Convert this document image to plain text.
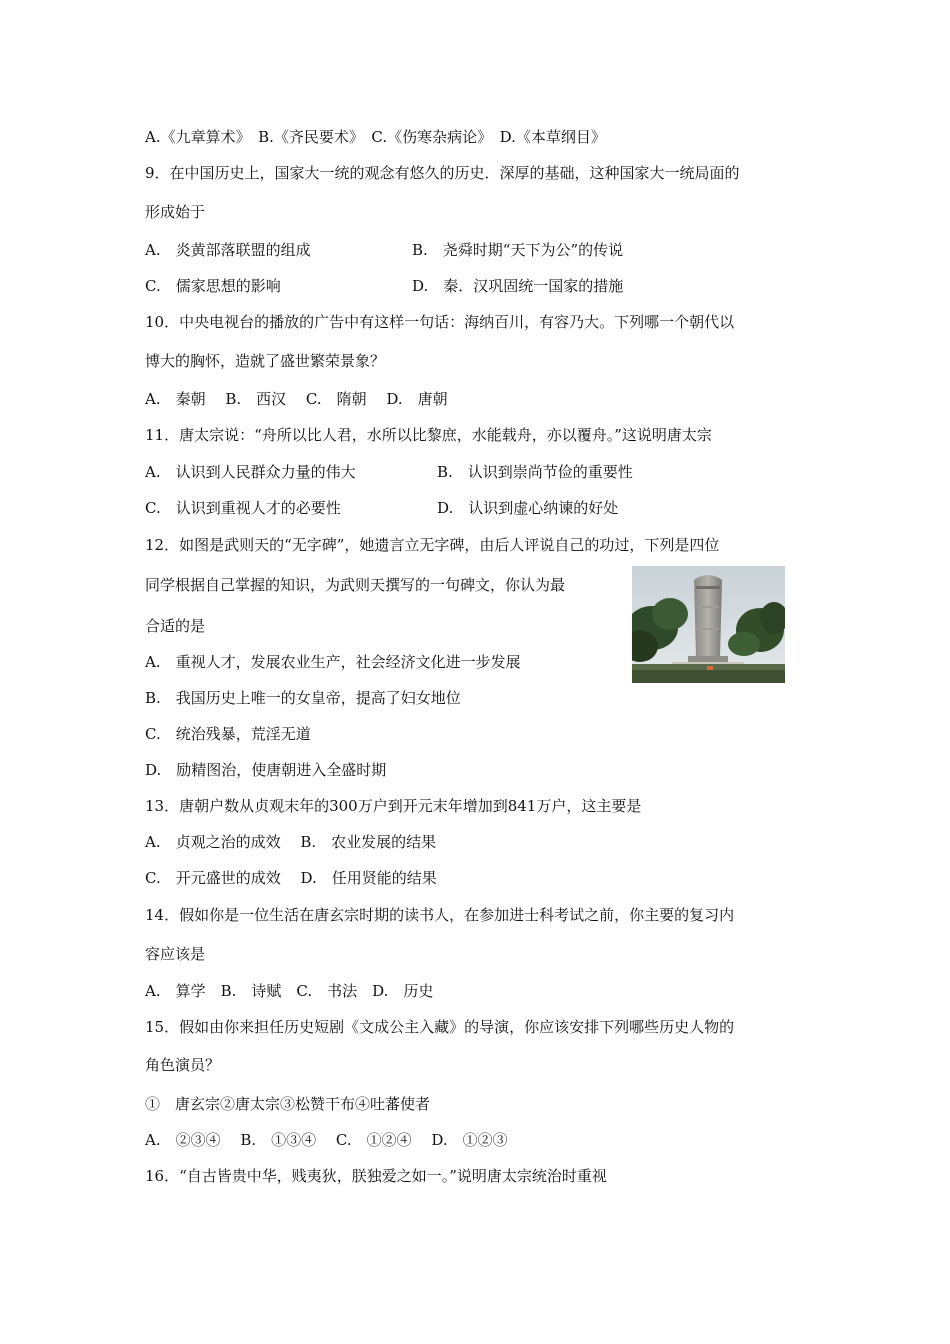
A.《九章算术》　B.《齐民要术》　C.《伤寒杂病论》　D.《本草纲目》
9．在中国历史上，国家大一统的观念有悠久的历史．深厚的基础，这种国家大一统局面的
形成始于
A.　炎黄部落联盟的组成	B.　尧舜时期“天下为公”的传说
C.　儒家思想的影响	D.　秦．汉巩固统一国家的措施
10．中央电视台的播放的广告中有这样一句话：海纳百川，有容乃大。下列哪一个朝代以
博大的胸怀，造就了盛世繁荣景象？
A.　秦朝　 B.　西汉　 C.　隋朝　 D.　唐朝
11．唐太宗说：“舟所以比人君，水所以比黎庶，水能载舟，亦以覆舟。”这说明唐太宗
A.　认识到人民群众力量的伟大	B.　认识到崇尚节俭的重要性
C.　认识到重视人才的必要性	D.　认识到虚心纳谏的好处
12．如图是武则天的“无字碑”，她遗言立无字碑，由后人评说自己的功过，下列是四位
同学根据自己掌握的知识，为武则天撰写的一句碑文，你认为最
合适的是
A.　重视人才，发展农业生产，社会经济文化进一步发展
B.　我国历史上唯一的女皇帝，提高了妇女地位
C.　统治残暴，荒淫无道
D.　励精图治，使唐朝进入全盛时期
13．唐朝户数从贞观末年的300万户到开元末年增加到841万户，这主要是
A.　贞观之治的成效　 B.　农业发展的结果
C.　开元盛世的成效　 D.　任用贤能的结果
14．假如你是一位生活在唐玄宗时期的读书人，在参加进士科考试之前，你主要的复习内
容应该是
A.　算学　B.　诗赋　C.　书法　D.　历史
15．假如由你来担任历史短剧《文成公主入藏》的导演，你应该安排下列哪些历史人物的
角色演员？
①　唐玄宗②唐太宗③松赞干布④吐蕃使者
A.　②③④　 B.　①③④　 C.　①②④　 D.　①②③
16．“自古皆贵中华，贱夷狄，朕独爱之如一。”说明唐太宗统治时重视
